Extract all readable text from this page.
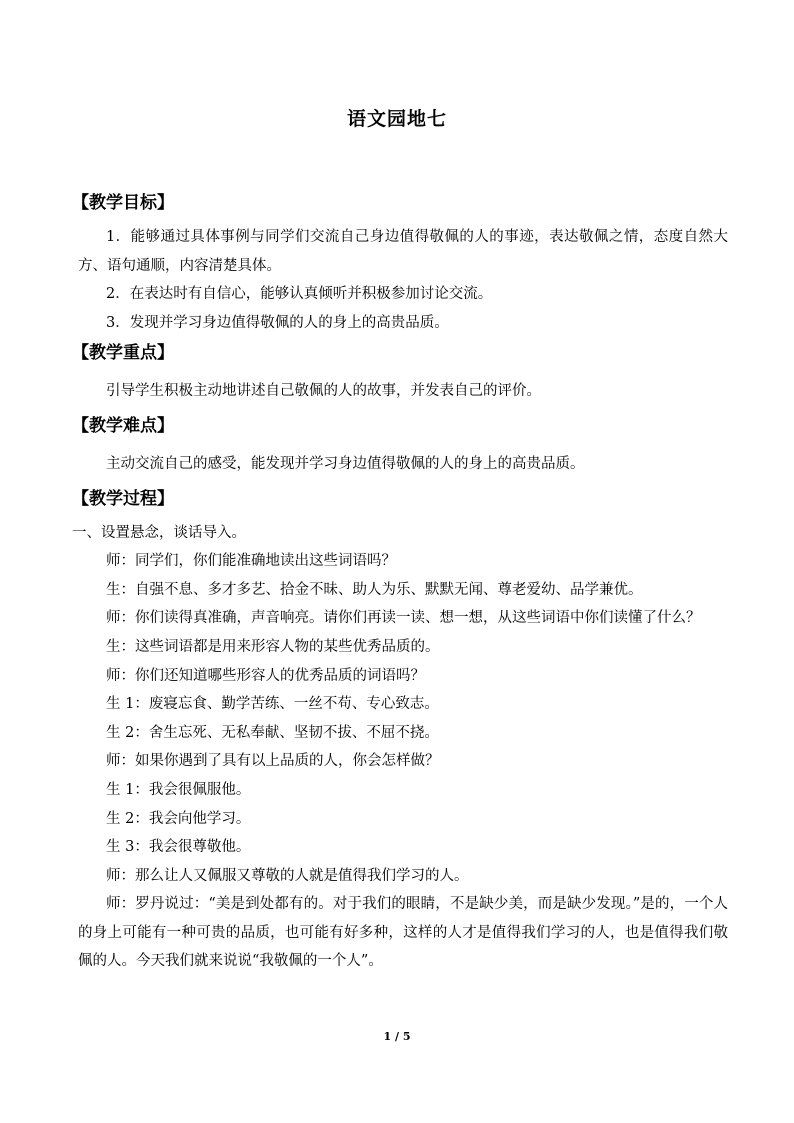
语文园地七
【教学目标】

1．能够通过具体事例与同学们交流自己身边值得敬佩的人的事迹，表达敬佩之情，态度自然大方、语句通顺，内容清楚具体。

2．在表达时有自信心，能够认真倾听并积极参加讨论交流。

3．发现并学习身边值得敬佩的人的身上的高贵品质。

【教学重点】

引导学生积极主动地讲述自己敬佩的人的故事，并发表自己的评价。

【教学难点】

主动交流自己的感受，能发现并学习身边值得敬佩的人的身上的高贵品质。

【教学过程】

一、设置悬念，谈话导入。

师：同学们，你们能准确地读出这些词语吗？

生：自强不息、多才多艺、拾金不昧、助人为乐、默默无闻、尊老爱幼、品学兼优。

师：你们读得真准确，声音响亮。请你们再读一读、想一想，从这些词语中你们读懂了什么？

生：这些词语都是用来形容人物的某些优秀品质的。

师：你们还知道哪些形容人的优秀品质的词语吗？

生 1：废寝忘食、勤学苦练、一丝不苟、专心致志。

生 2：舍生忘死、无私奉献、坚韧不拔、不屈不挠。

师：如果你遇到了具有以上品质的人，你会怎样做？

生 1：我会很佩服他。

生 2：我会向他学习。

生 3：我会很尊敬他。

师：那么让人又佩服又尊敬的人就是值得我们学习的人。

师：罗丹说过：“美是到处都有的。对于我们的眼睛，不是缺少美，而是缺少发现。”是的，一个人的身上可能有一种可贵的品质，也可能有好多种，这样的人才是值得我们学习的人，也是值得我们敬佩的人。今天我们就来说说“我敬佩的一个人”。

1 / 5
